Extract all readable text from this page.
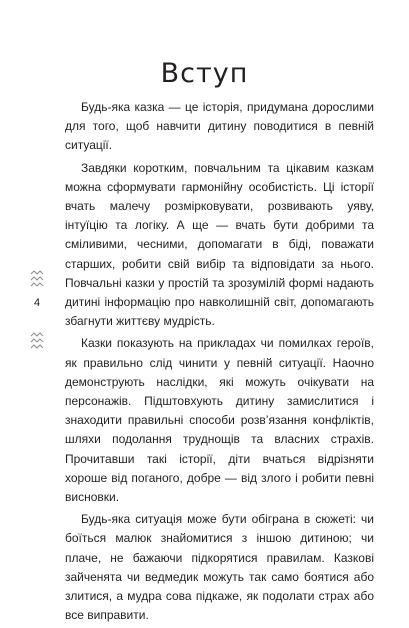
Вступ
4

Будь-яка казка — це історія, придумана дорослими для того, щоб навчити дитину поводитися в певній ситуації.

Завдяки коротким, повчальним та цікавим казкам можна сформувати гармонійну особистість. Ці історії вчать малечу розмірковувати, розвивають уяву, інтуїцію та логіку. А ще — вчать бути добрими та сміливими, чесними, допомагати в біді, поважати старших, робити свій вибір та відповідати за нього. Повчальні казки у простій та зрозумілій формі надають дитині інформацію про навколишній світ, допомагають збагнути життєву мудрість.

Казки показують на прикладах чи помилках героїв, як правильно слід чинити у певній ситуації. Наочно демонструють наслідки, які можуть очікувати на персонажів. Підштовхують дитину замислитися і знаходити правильні способи розв’язання конфліктів, шляхи подолання труднощів та власних страхів. Прочитавши такі історії, діти вчаться відрізняти хороше від поганого, добре — від злого і робити певні висновки.

Будь-яка ситуація може бути обіграна в сюжеті: чи боїться малюк знайомитися з іншою дитиною; чи плаче, не бажаючи підкорятися правилам. Казкові зайченята чи ведмедик можуть так само боятися або злитися, а мудра сова підкаже, як подолати страх або все виправити.
